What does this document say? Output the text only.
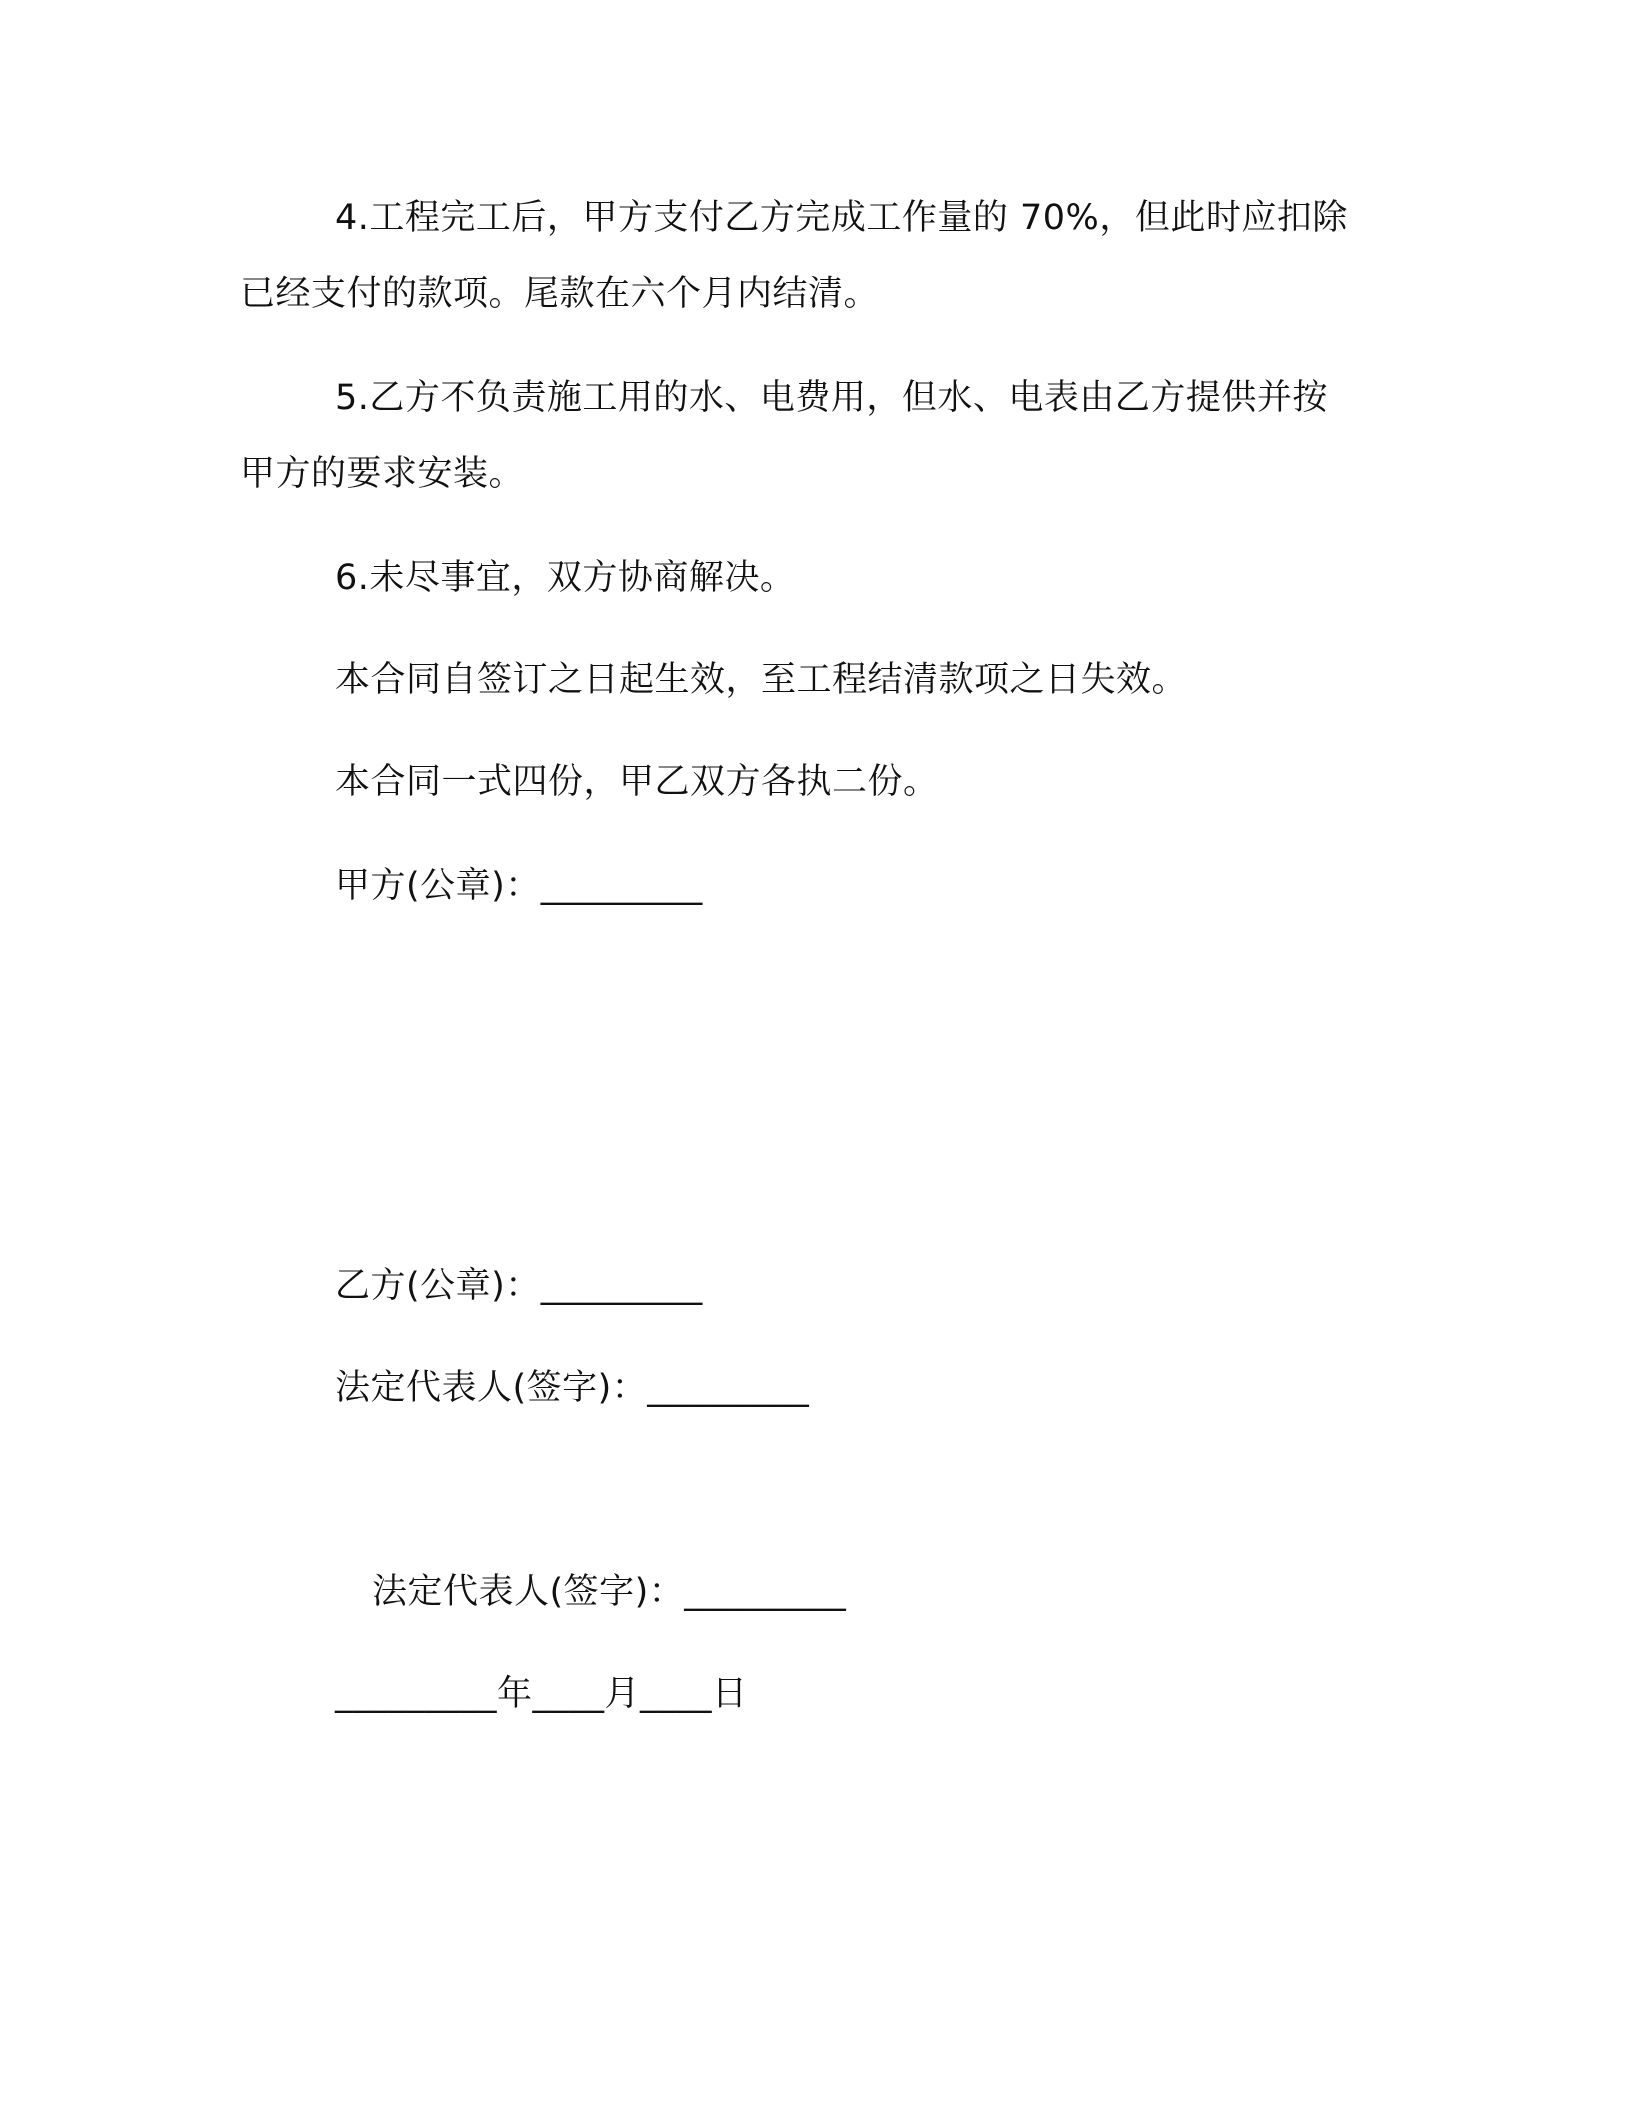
4.工程完工后，甲方支付乙方完成工作量的 70%，但此时应扣除
已经支付的款项。尾款在六个月内结清。
5.乙方不负责施工用的水、电费用，但水、电表由乙方提供并按
甲方的要求安装。
6.未尽事宜，双方协商解决。
本合同自签订之日起生效，至工程结清款项之日失效。
本合同一式四份，甲乙双方各执二份。
甲方(公章)：_________
乙方(公章)：_________
法定代表人(签字)：_________
法定代表人(签字)：_________
_________年____月____日
